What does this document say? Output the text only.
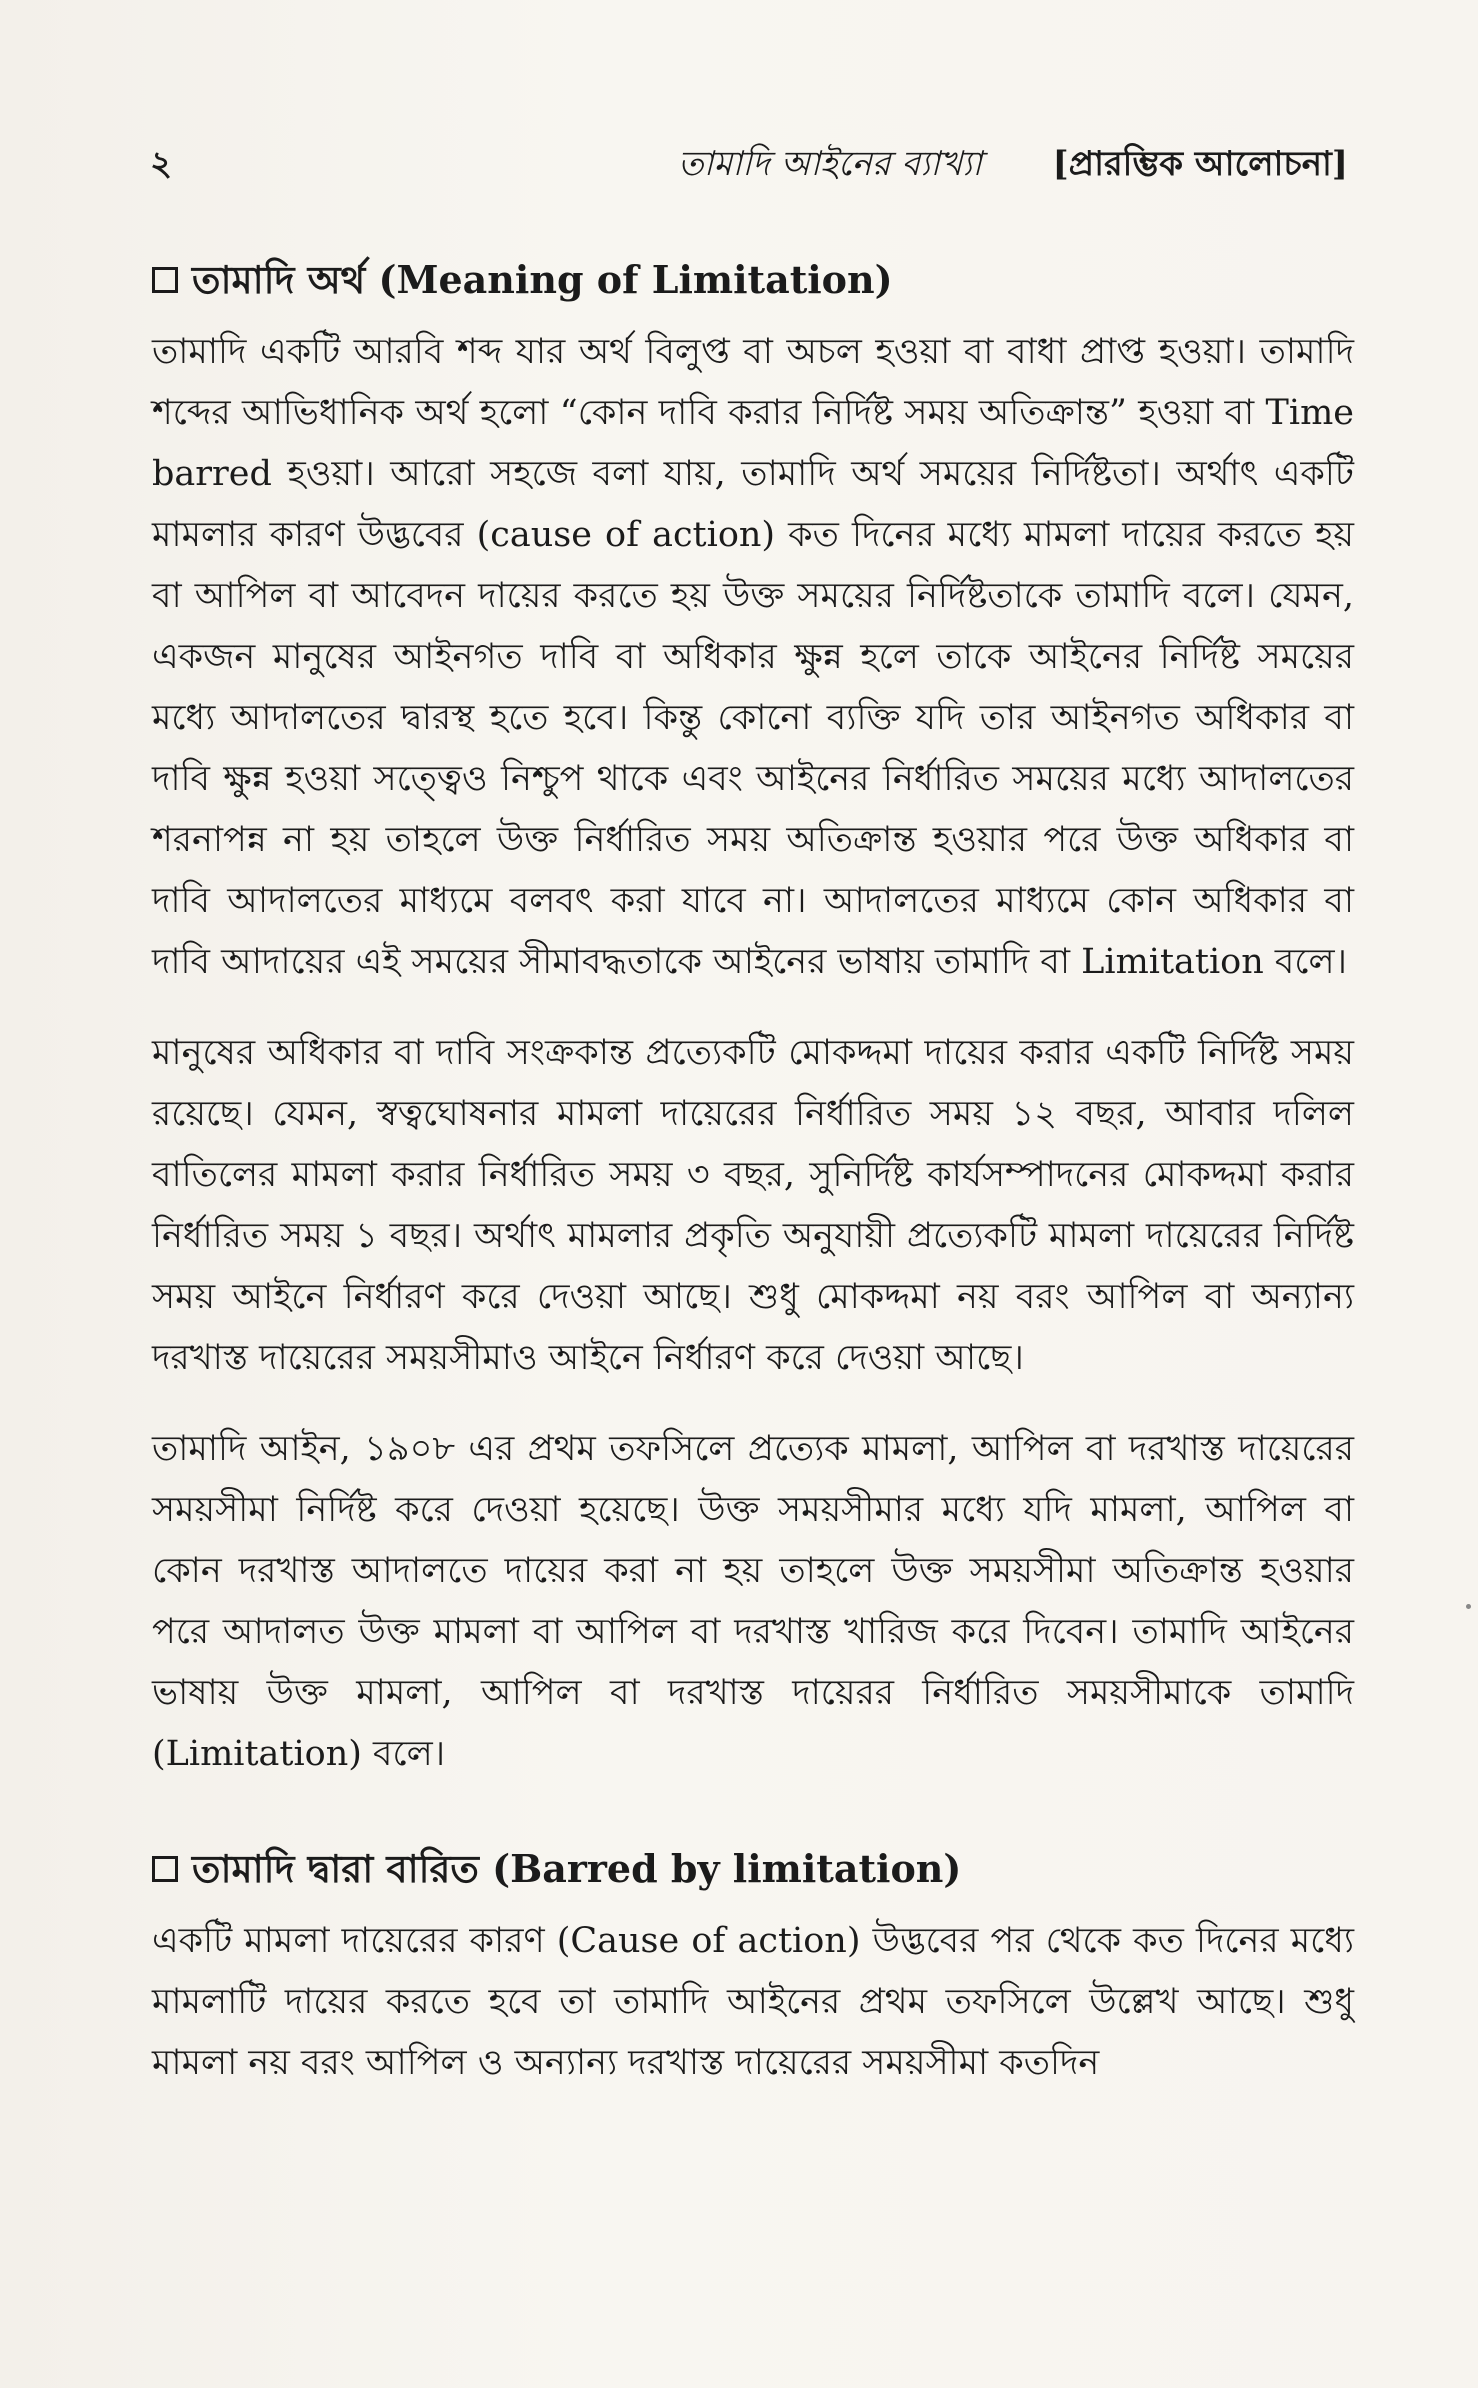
২	তামাদি আইনের ব্যাখ্যা	[প্রারম্ভিক আলোচনা]
তামাদি অর্থ (Meaning of Limitation)

তামাদি একটি আরবি শব্দ যার অর্থ বিলুপ্ত বা অচল হওয়া বা বাধা প্রাপ্ত হওয়া। তামাদি শব্দের আভিধানিক অর্থ হলো “কোন দাবি করার নির্দিষ্ট সময় অতিক্রান্ত” হওয়া বা Time barred হওয়া। আরো সহজে বলা যায়, তামাদি অর্থ সময়ের নির্দিষ্টতা। অর্থাৎ একটি মামলার কারণ উদ্ভবের (cause of action) কত দিনের মধ্যে মামলা দায়ের করতে হয় বা আপিল বা আবেদন দায়ের করতে হয় উক্ত সময়ের নির্দিষ্টতাকে তামাদি বলে। যেমন, একজন মানুষের আইনগত দাবি বা অধিকার ক্ষুন্ন হলে তাকে আইনের নির্দিষ্ট সময়ের মধ্যে আদালতের দ্বারস্থ হতে হবে। কিন্তু কোনো ব্যক্তি যদি তার আইনগত অধিকার বা দাবি ক্ষুন্ন হওয়া সত্ত্বেও নিশ্চুপ থাকে এবং আইনের নির্ধারিত সময়ের মধ্যে আদালতের শরনাপন্ন না হয় তাহলে উক্ত নির্ধারিত সময় অতিক্রান্ত হওয়ার পরে উক্ত অধিকার বা দাবি আদালতের মাধ্যমে বলবৎ করা যাবে না। আদালতের মাধ্যমে কোন অধিকার বা দাবি আদায়ের এই সময়ের সীমাবদ্ধতাকে আইনের ভাষায় তামাদি বা Limitation বলে।

মানুষের অধিকার বা দাবি সংক্রকান্ত প্রত্যেকটি মোকদ্দমা দায়ের করার একটি নির্দিষ্ট সময় রয়েছে। যেমন, স্বত্বঘোষনার মামলা দায়েরের নির্ধারিত সময় ১২ বছর, আবার দলিল বাতিলের মামলা করার নির্ধারিত সময় ৩ বছর, সুনির্দিষ্ট কার্যসম্পাদনের মোকদ্দমা করার নির্ধারিত সময় ১ বছর। অর্থাৎ মামলার প্রকৃতি অনুযায়ী প্রত্যেকটি মামলা দায়েরের নির্দিষ্ট সময় আইনে নির্ধারণ করে দেওয়া আছে। শুধু মোকদ্দমা নয় বরং আপিল বা অন্যান্য দরখাস্ত দায়েরের সময়সীমাও আইনে নির্ধারণ করে দেওয়া আছে।

তামাদি আইন, ১৯০৮ এর প্রথম তফসিলে প্রত্যেক মামলা, আপিল বা দরখাস্ত দায়েরের সময়সীমা নির্দিষ্ট করে দেওয়া হয়েছে। উক্ত সময়সীমার মধ্যে যদি মামলা, আপিল বা কোন দরখাস্ত আদালতে দায়ের করা না হয় তাহলে উক্ত সময়সীমা অতিক্রান্ত হওয়ার পরে আদালত উক্ত মামলা বা আপিল বা দরখাস্ত খারিজ করে দিবেন। তামাদি আইনের ভাষায় উক্ত মামলা, আপিল বা দরখাস্ত দায়েরর নির্ধারিত সময়সীমাকে তামাদি (Limitation) বলে।

তামাদি দ্বারা বারিত (Barred by limitation)

একটি মামলা দায়েরের কারণ (Cause of action) উদ্ভবের পর থেকে কত দিনের মধ্যে মামলাটি দায়ের করতে হবে তা তামাদি আইনের প্রথম তফসিলে উল্লেখ আছে। শুধু মামলা নয় বরং আপিল ও অন্যান্য দরখাস্ত দায়েরের সময়সীমা কতদিন
